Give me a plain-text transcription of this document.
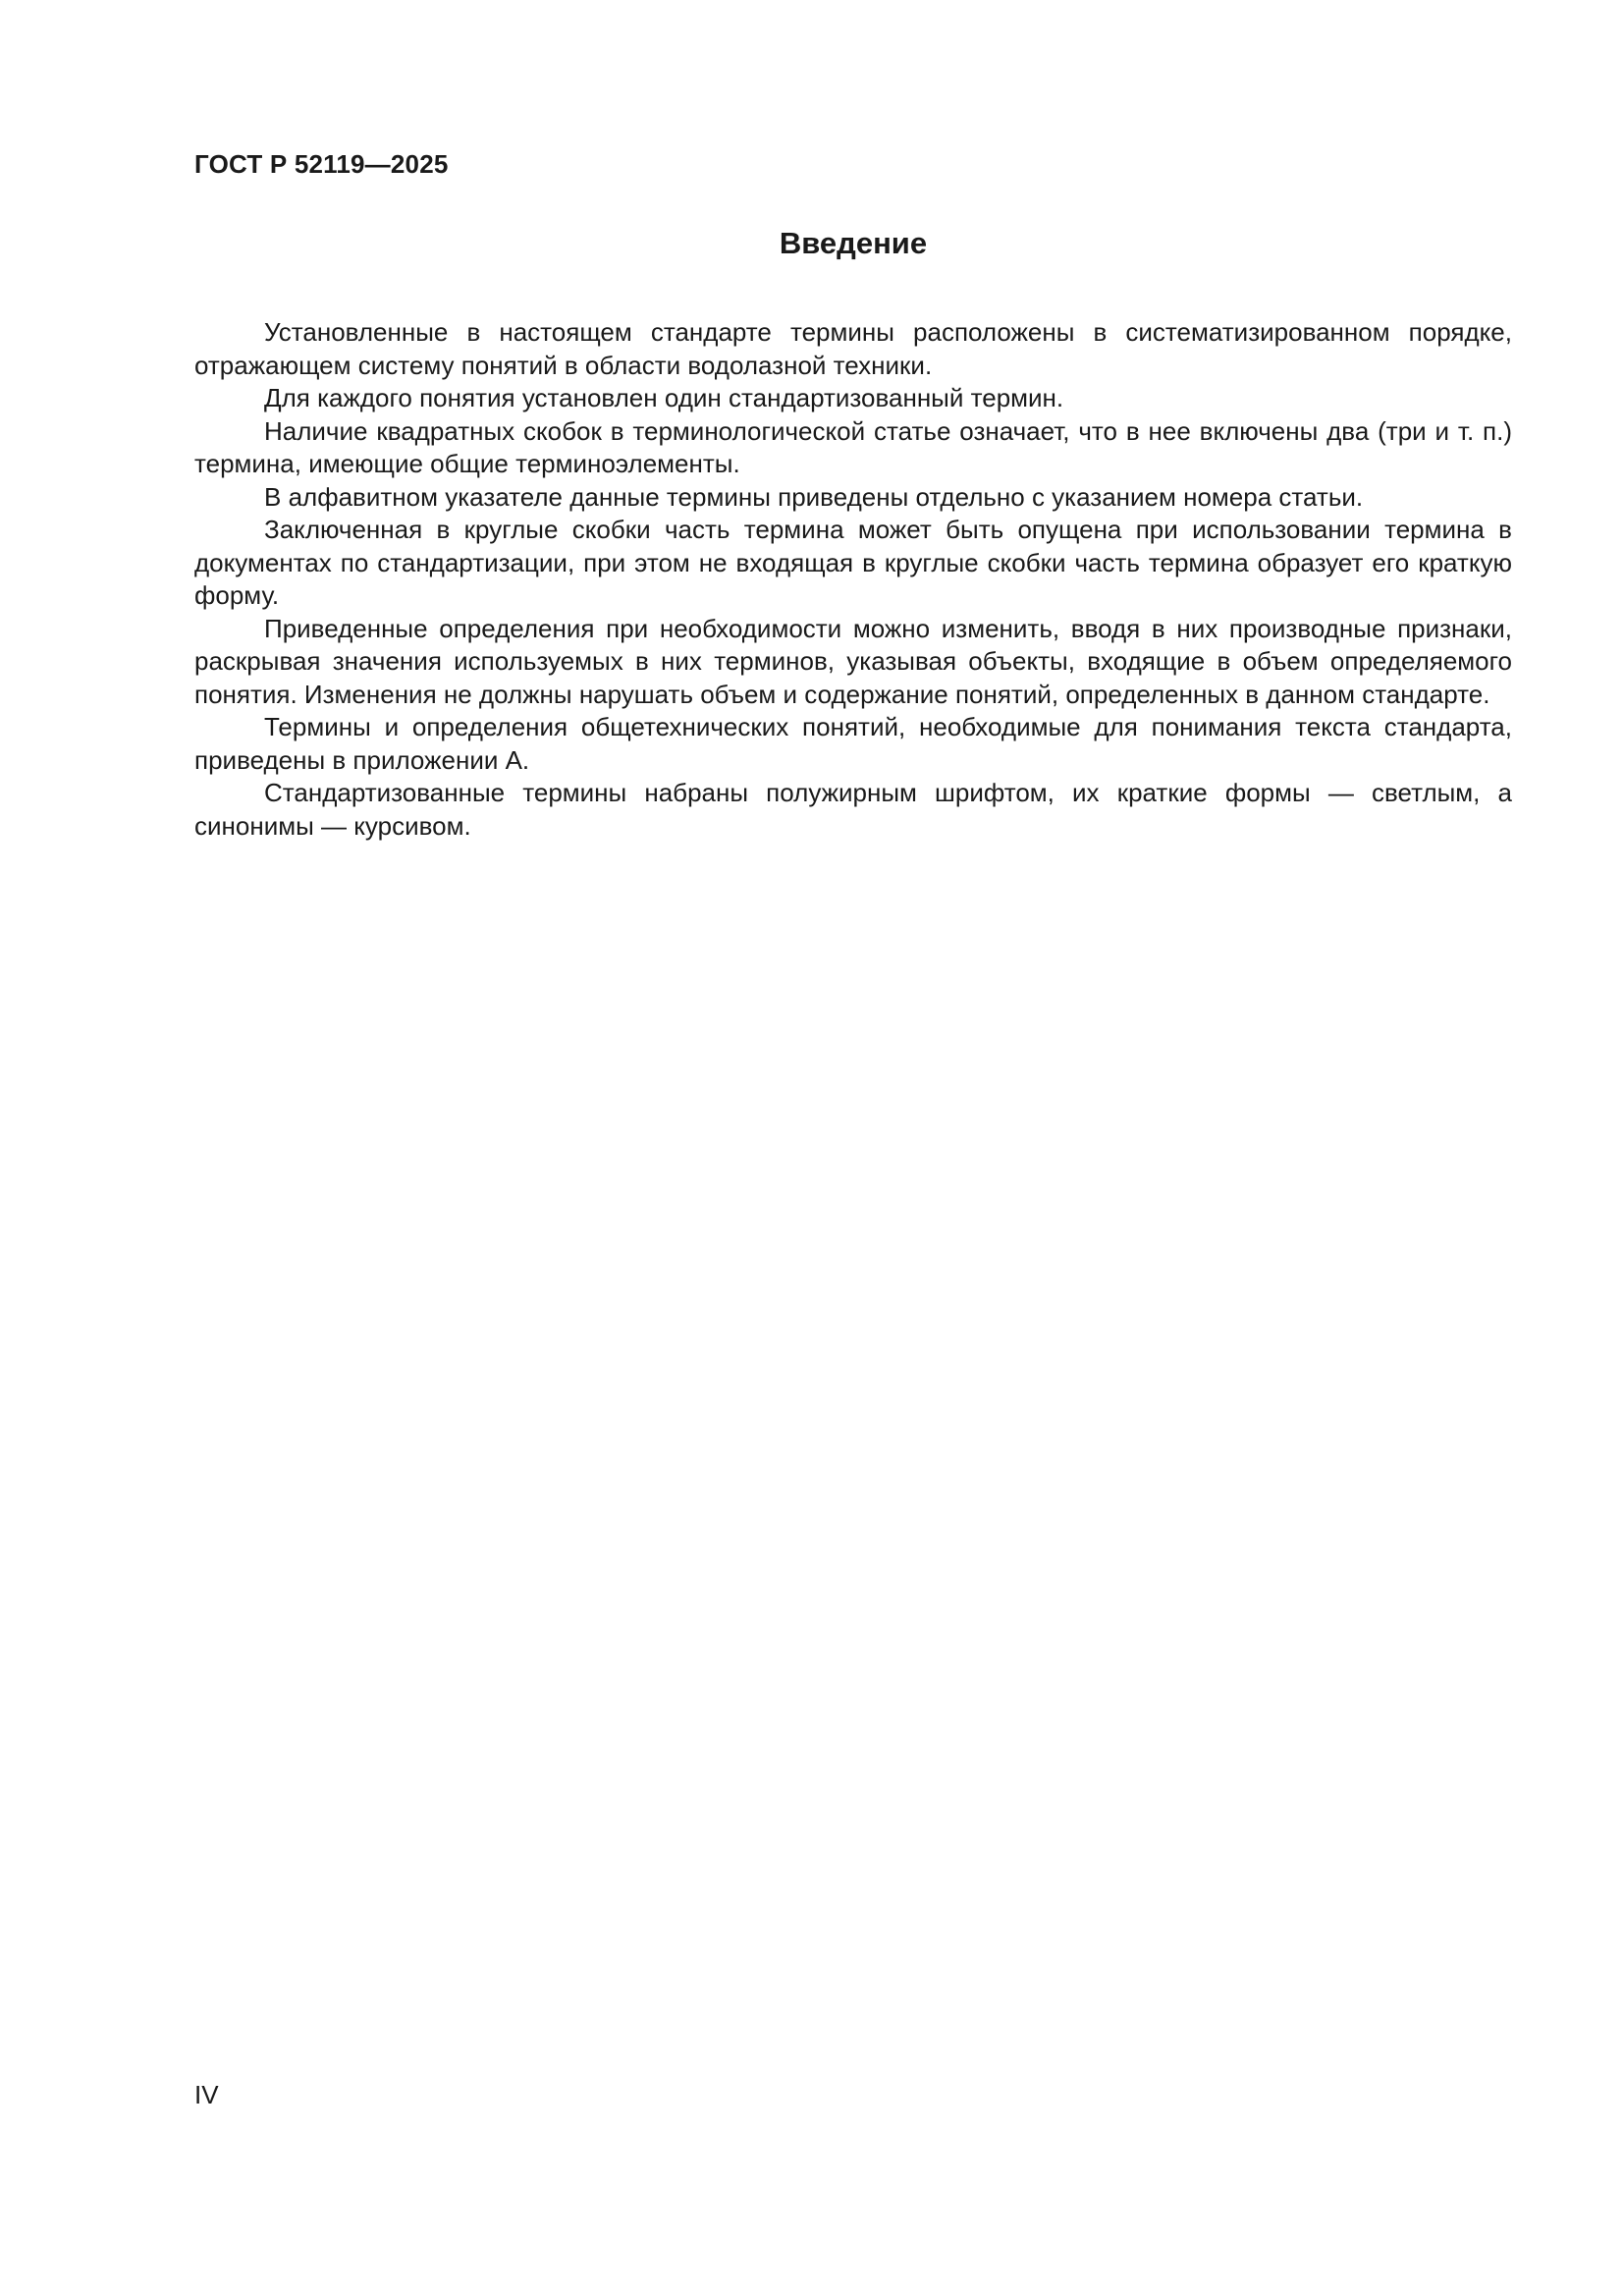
ГОСТ Р 52119—2025
Введение

Установленные в настоящем стандарте термины расположены в систематизированном порядке, отражающем систему понятий в области водолазной техники.

Для каждого понятия установлен один стандартизованный термин.

Наличие квадратных скобок в терминологической статье означает, что в нее включены два (три и т. п.) термина, имеющие общие терминоэлементы.

В алфавитном указателе данные термины приведены отдельно с указанием номера статьи.

Заключенная в круглые скобки часть термина может быть опущена при использовании термина в документах по стандартизации, при этом не входящая в круглые скобки часть термина образует его краткую форму.

Приведенные определения при необходимости можно изменить, вводя в них производные признаки, раскрывая значения используемых в них терминов, указывая объекты, входящие в объем определяемого понятия. Изменения не должны нарушать объем и содержание понятий, определенных в данном стандарте.

Термины и определения общетехнических понятий, необходимые для понимания текста стандарта, приведены в приложении А.

Стандартизованные термины набраны полужирным шрифтом, их краткие формы — светлым, а синонимы — курсивом.

IV
